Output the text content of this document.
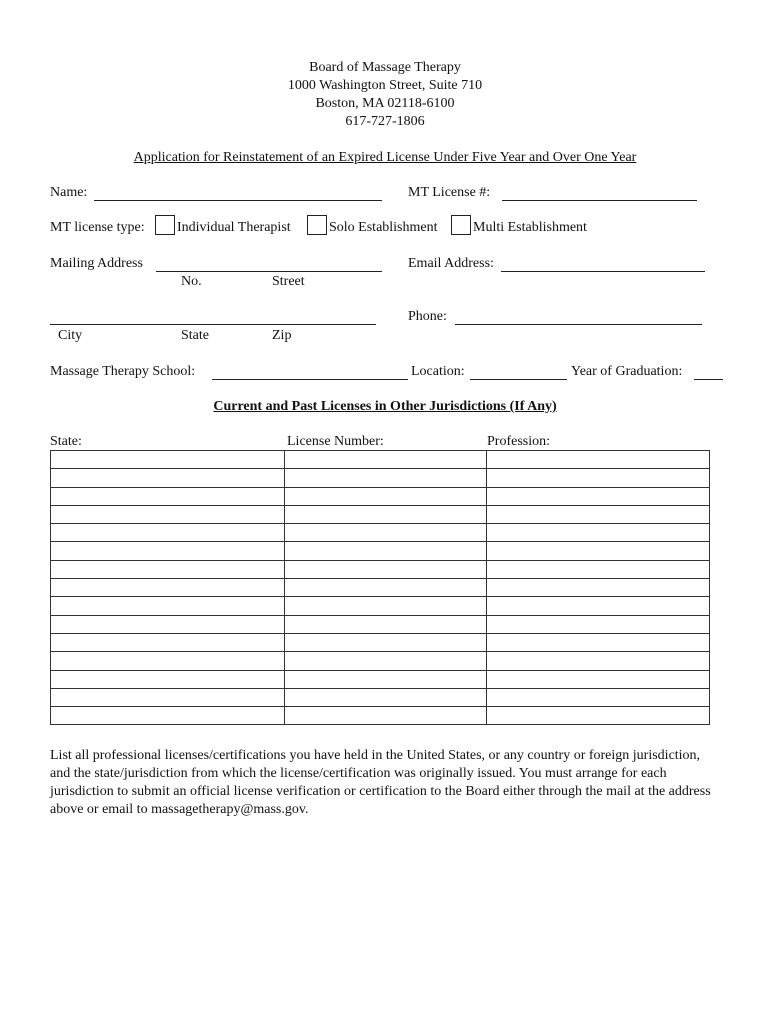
Board of Massage Therapy
1000 Washington Street, Suite 710
Boston, MA 02118-6100
617-727-1806
Application for Reinstatement of an Expired License Under Five Year and Over One Year
Name:	MT License #:
MT license type: Individual Therapist	Solo Establishment	Multi Establishment
Mailing Address	Email Address:
No.	Street
Phone:
City	State	Zip
Massage Therapy School:	Location:	Year of Graduation:
Current and Past Licenses in Other Jurisdictions (If Any)
State:	License Number:	Profession:

List all professional licenses/certifications you have held in the United States, or any country or foreign jurisdiction, and the state/jurisdiction from which the license/certification was originally issued. You must arrange for each jurisdiction to submit an official license verification or certification to the Board either through the mail at the address above or email to massagetherapy@mass.gov.
